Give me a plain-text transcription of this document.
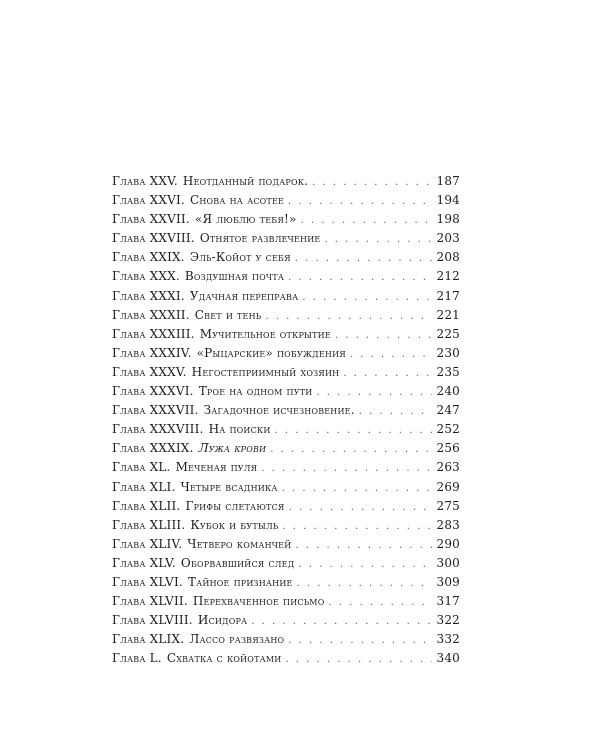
Глава XXV. Неотданный подарок. . . .	187
Глава XXVI. Снова на асотее . . .	194
Глава XXVII. «Я люблю тебя!» . . .	198
Глава XXVIII. Отнятое развлечение . . .	203
Глава XXIX. Эль-Койот у себя . . .	208
Глава XXX. Воздушная почта . . .	212
Глава XXXI. Удачная переправа . . .	217
Глава XXXII. Свет и тень . . .	221
Глава XXXIII. Мучительное открытие . . .	225
Глава XXXIV. «Рыцарские» побуждения . . .	230
Глава XXXV. Негостеприимный хозяин . . .	235
Глава XXXVI. Трое на одном пути . . .	240
Глава XXXVII. Загадочное исчезновение. . . .	247
Глава XXXVIII. На поиски . . .	252
Глава XXXIX. Лужа крови . . .	256
Глава XL. Меченая пуля . . .	263
Глава XLI. Четыре всадника . . .	269
Глава XLII. Грифы слетаются . . .	275
Глава XLIII. Кубок и бутыль . . .	283
Глава XLIV. Четверо команчей . . .	290
Глава XLV. Оборвавшийся след . . .	300
Глава XLVI. Тайное признание . . .	309
Глава XLVII. Перехваченное письмо . . .	317
Глава XLVIII. Исидора . . .	322
Глава XLIX. Лассо развязано . . .	332
Глава L. Схватка с койотами . . .	340
